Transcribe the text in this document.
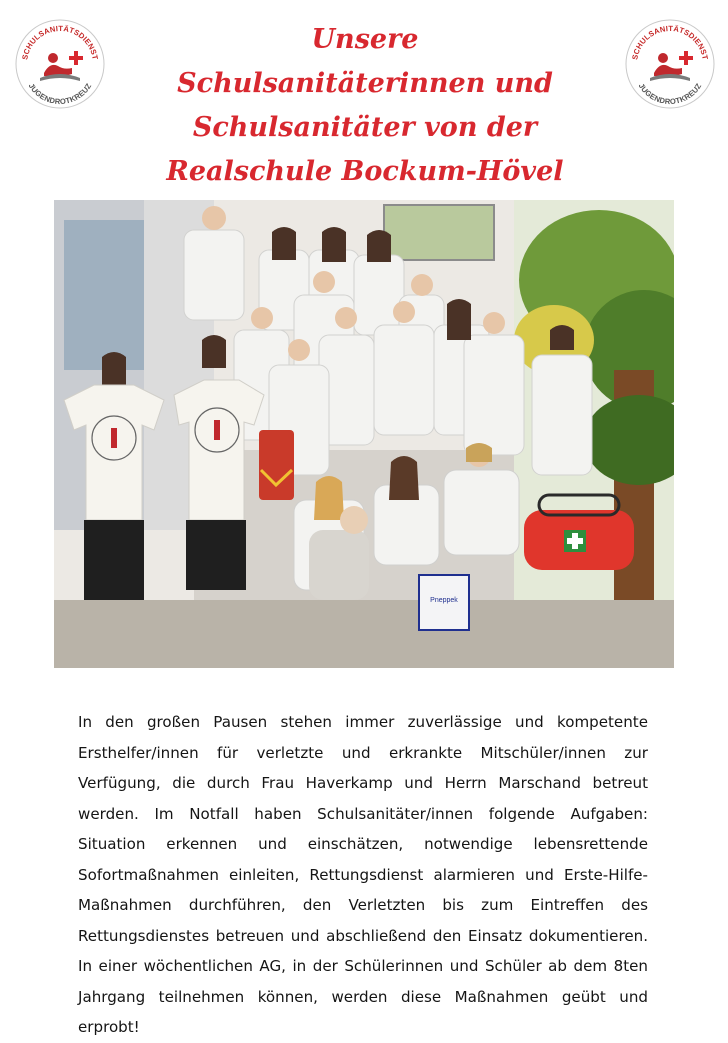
SCHULSANITÄTSDIENST
JUGENDROTKREUZ
Unsere
Schulsanitäterinnen und
Schulsanitäter von der
Realschule Bockum-Hövel
SCHULSANITÄTSDIENST
JUGENDROTKREUZ
Pneppek

In den großen Pausen stehen immer zuverlässige und kompetente Ersthelfer/innen für verletzte und erkrankte Mitschüler/innen zur Verfügung, die durch Frau Haverkamp und Herrn Marschand betreut werden. Im Notfall haben Schulsanitäter/innen folgende Aufgaben: Situation erkennen und einschätzen, notwendige lebensrettende Sofortmaßnahmen einleiten, Rettungsdienst alarmieren und Erste-Hilfe-Maßnahmen durchführen, den Verletzten bis zum Eintreffen des Rettungsdienstes betreuen und abschließend den Einsatz dokumentieren. In einer wöchentlichen AG, in der Schülerinnen und Schüler ab dem 8ten Jahrgang teilnehmen können, werden diese Maßnahmen geübt und erprobt!
